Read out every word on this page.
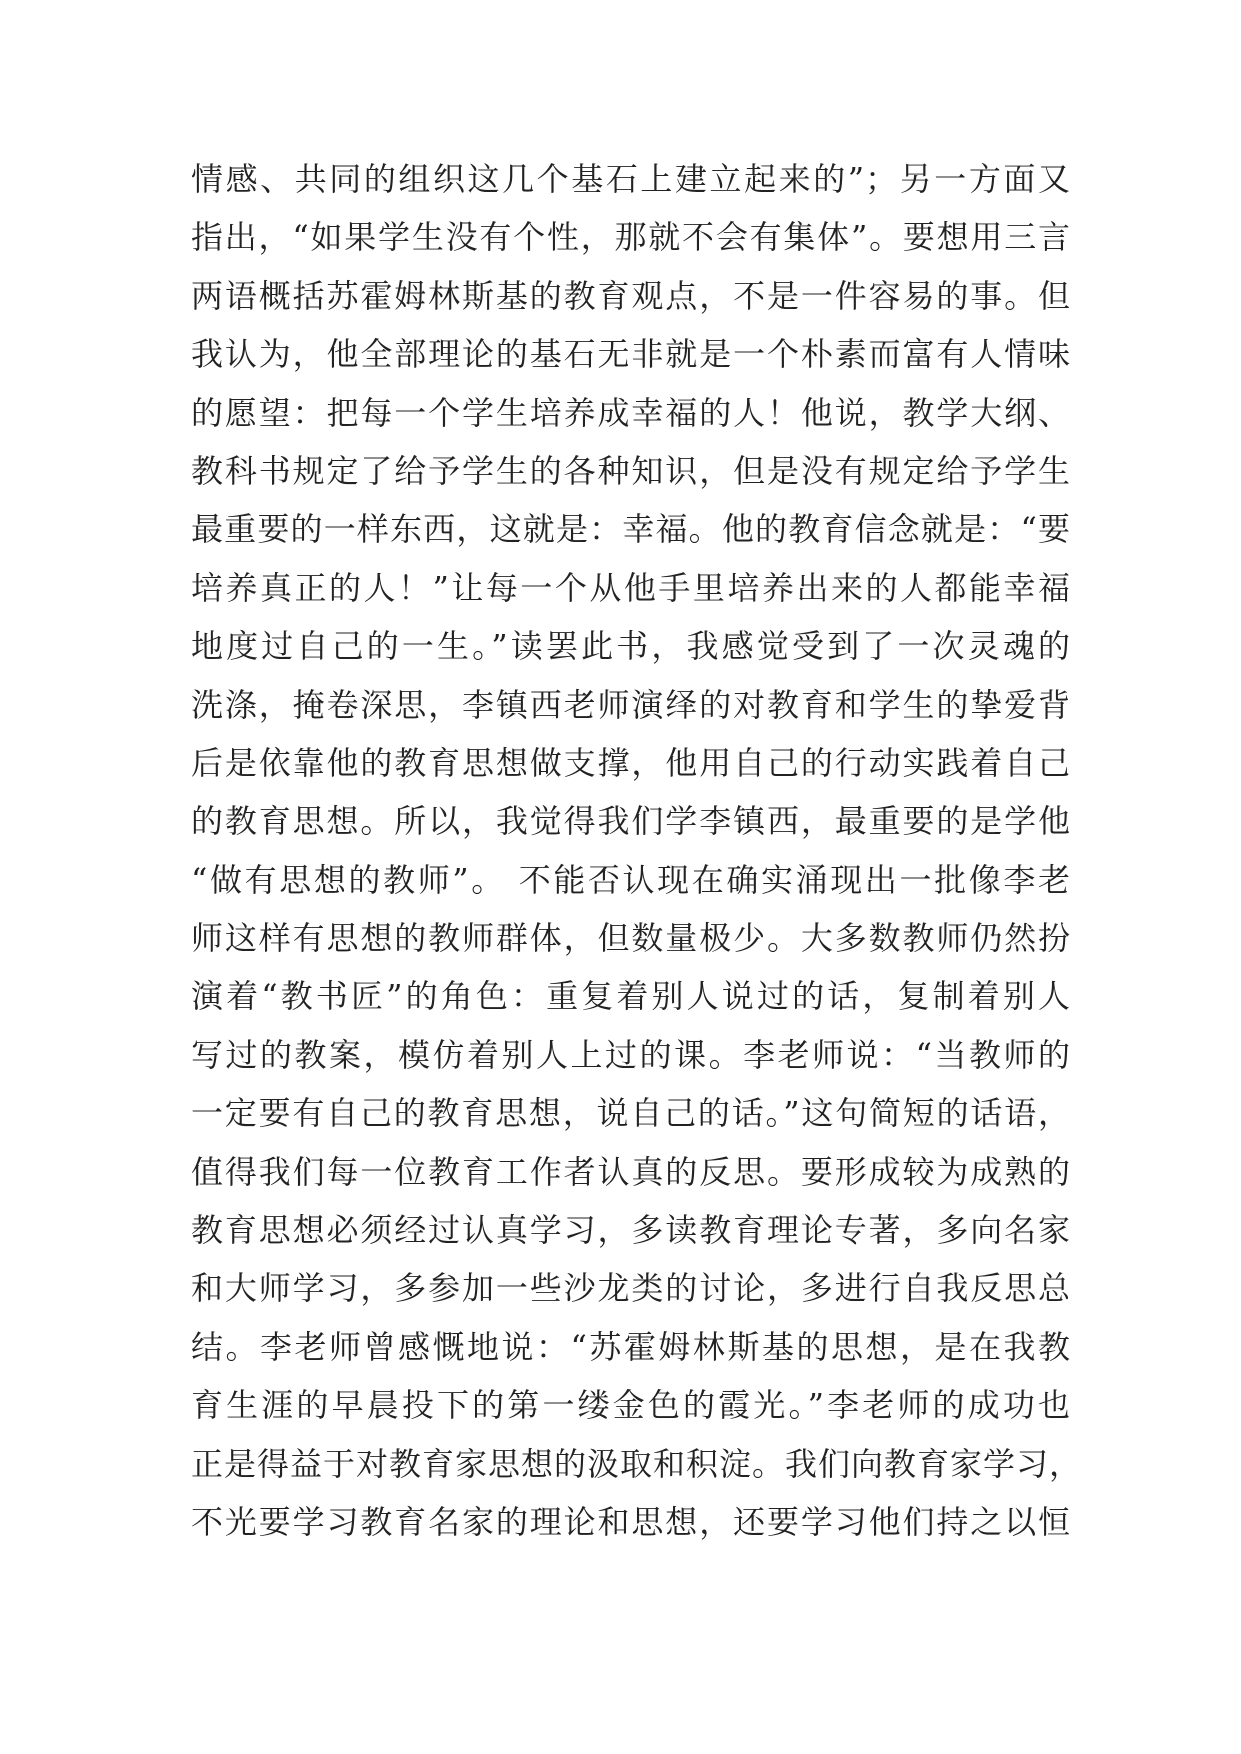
情感、共同的组织这几个基石上建立起来的”；另一方面又
指出，“如果学生没有个性，那就不会有集体”。要想用三言
两语概括苏霍姆林斯基的教育观点，不是一件容易的事。但
我认为，他全部理论的基石无非就是一个朴素而富有人情味
的愿望：把每一个学生培养成幸福的人！他说，教学大纲、
教科书规定了给予学生的各种知识，但是没有规定给予学生
最重要的一样东西，这就是：幸福。他的教育信念就是：“要
培养真正的人！”让每一个从他手里培养出来的人都能幸福
地度过自己的一生。”读罢此书，我感觉受到了一次灵魂的
洗涤，掩卷深思，李镇西老师演绎的对教育和学生的挚爱背
后是依靠他的教育思想做支撑，他用自己的行动实践着自己
的教育思想。所以，我觉得我们学李镇西，最重要的是学他
“做有思想的教师”。 不能否认现在确实涌现出一批像李老
师这样有思想的教师群体，但数量极少。大多数教师仍然扮
演着“教书匠”的角色：重复着别人说过的话，复制着别人
写过的教案，模仿着别人上过的课。李老师说：“当教师的
一定要有自己的教育思想，说自己的话。”这句简短的话语，
值得我们每一位教育工作者认真的反思。要形成较为成熟的
教育思想必须经过认真学习，多读教育理论专著，多向名家
和大师学习，多参加一些沙龙类的讨论，多进行自我反思总
结。李老师曾感慨地说：“苏霍姆林斯基的思想，是在我教
育生涯的早晨投下的第一缕金色的霞光。”李老师的成功也
正是得益于对教育家思想的汲取和积淀。我们向教育家学习，
不光要学习教育名家的理论和思想，还要学习他们持之以恒
